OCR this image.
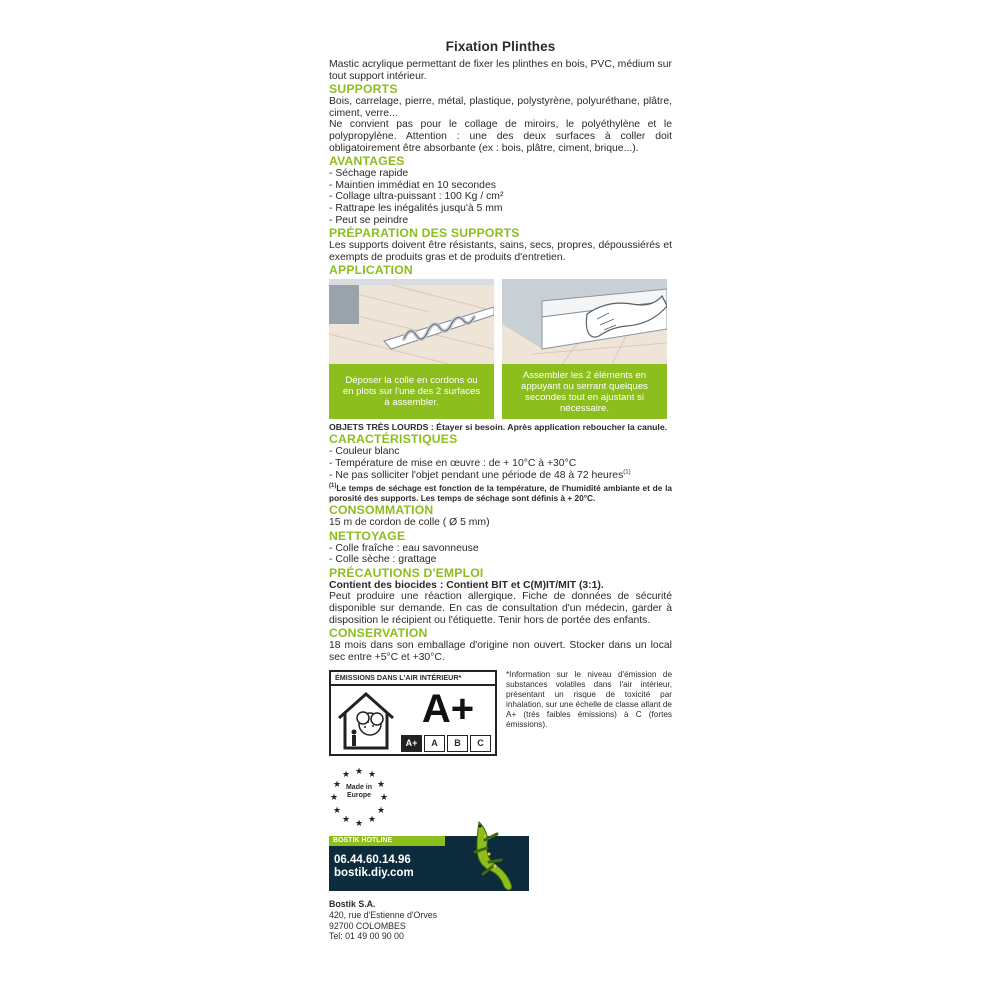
Fixation Plinthes
Mastic acrylique permettant de fixer les plinthes en bois, PVC, médium sur tout support intérieur.
SUPPORTS
Bois, carrelage, pierre, métal, plastique, polystyrène, polyuréthane, plâtre, ciment, verre...
Ne convient pas pour le collage de miroirs, le polyéthylène et le polypropylène. Attention : une des deux surfaces à coller doit obligatoirement être absorbante (ex : bois, plâtre, ciment, brique...).
AVANTAGES
- Séchage rapide
- Maintien immédiat en 10 secondes
- Collage ultra-puissant : 100 Kg / cm²
- Rattrape les inégalités jusqu'à 5 mm
- Peut se peindre
PRÉPARATION DES SUPPORTS
Les supports doivent être résistants, sains, secs, propres, dépoussiérés et exempts de produits gras et de produits d'entretien.
APPLICATION
Déposer la colle en cordons ou en plots sur l'une des 2 surfaces à assembler.
Assembler les 2 éléments en appuyant ou serrant quelques secondes tout en ajustant si nécessaire.
OBJETS TRÈS LOURDS : Étayer si besoin. Après application reboucher la canule.
CARACTÉRISTIQUES
- Couleur blanc
- Température de mise en œuvre : de + 10°C à +30°C
- Ne pas solliciter l'objet pendant une période de 48 à 72 heures$^{(1)}$
$^{(1)}$Le temps de séchage est fonction de la température, de l'humidité ambiante et de la porosité des supports. Les temps de séchage sont définis à + 20°C.
CONSOMMATION
15 m de cordon de colle ( Ø 5 mm)
NETTOYAGE
- Colle fraîche : eau savonneuse
- Colle sèche : grattage
PRÉCAUTIONS D'EMPLOI
Contient des biocides : Contient BIT et C(M)IT/MIT (3:1).
Peut produire une réaction allergique. Fiche de données de sécurité disponible sur demande. En cas de consultation d'un médecin, garder à disposition le récipient ou l'étiquette. Tenir hors de portée des enfants.
CONSERVATION
18 mois dans son emballage d'origine non ouvert. Stocker dans un local sec entre +5°C et +30°C.
ÉMISSIONS DANS L'AIR INTÉRIEUR*
A+
A+	A	B	C
*Information sur le niveau d'émission de substances volatiles dans l'air intérieur, présentant un risque de toxicité par inhalation, sur une échelle de classe allant de A+ (très faibles émissions) à C (fortes émissions).
★ ★
★
★
★
★
★
★
★
★
★
★
Made in
Europe
BOSTIK HOTLINE
06.44.60.14.96
bostik.diy.com
Bostik S.A.
420, rue d'Estienne d'Orves
92700 COLOMBES
Tel: 01 49 00 90 00
